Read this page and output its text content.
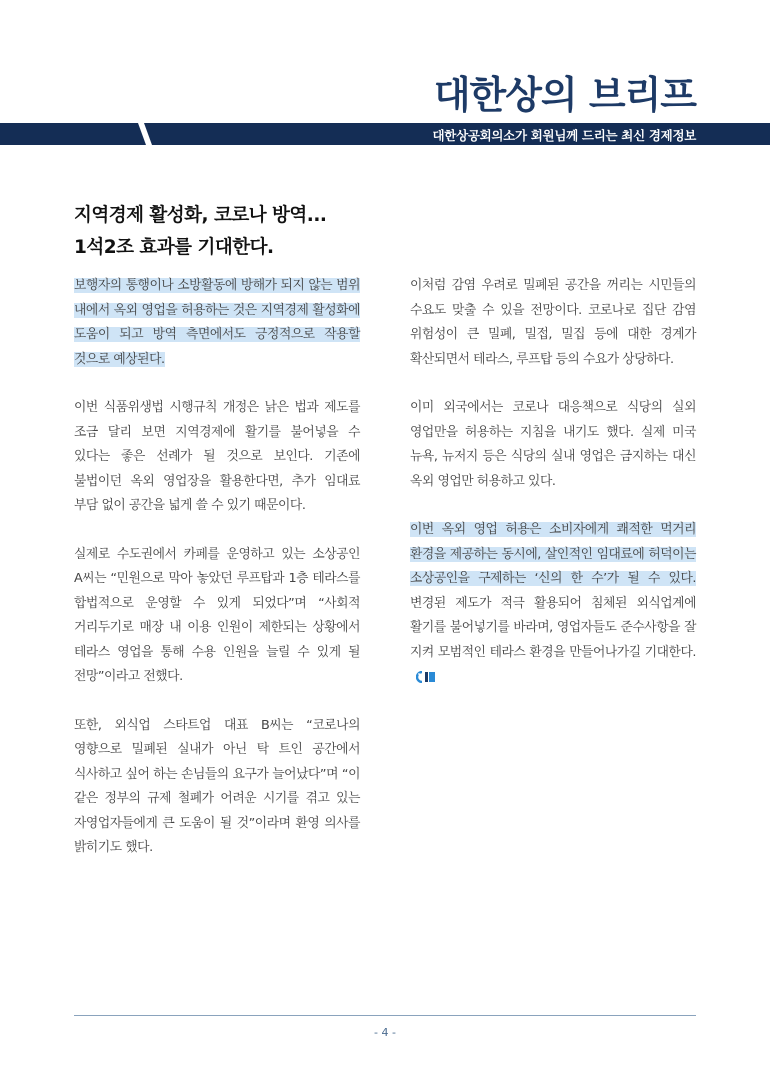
대한상의 브리프
대한상공회의소가 회원님께 드리는 최신 경제정보
지역경제 활성화, 코로나 방역...
1석2조 효과를 기대한다.

보행자의 통행이나 소방활동에 방해가 되지 않는 범위 내에서 옥외 영업을 허용하는 것은 지역경제 활성화에 도움이 되고 방역 측면에서도 긍정적으로 작용할 것으로 예상된다.

이번 식품위생법 시행규칙 개정은 낡은 법과 제도를 조금 달리 보면 지역경제에 활기를 불어넣을 수 있다는 좋은 선례가 될 것으로 보인다. 기존에 불법이던 옥외 영업장을 활용한다면, 추가 임대료 부담 없이 공간을 넓게 쓸 수 있기 때문이다.

실제로 수도권에서 카페를 운영하고 있는 소상공인 A씨는 “민원으로 막아 놓았던 루프탑과 1층 테라스를 합법적으로 운영할 수 있게 되었다”며 “사회적 거리두기로 매장 내 이용 인원이 제한되는 상황에서 테라스 영업을 통해 수용 인원을 늘릴 수 있게 될 전망”이라고 전했다.

또한, 외식업 스타트업 대표 B씨는 “코로나의 영향으로 밀폐된 실내가 아닌 탁 트인 공간에서 식사하고 싶어 하는 손님들의 요구가 늘어났다”며 “이 같은 정부의 규제 철폐가 어려운 시기를 겪고 있는 자영업자들에게 큰 도움이 될 것”이라며 환영 의사를 밝히기도 했다.

이처럼 감염 우려로 밀폐된 공간을 꺼리는 시민들의 수요도 맞출 수 있을 전망이다. 코로나로 집단 감염 위험성이 큰 밀폐, 밀접, 밀집 등에 대한 경계가 확산되면서 테라스, 루프탑 등의 수요가 상당하다.

이미 외국에서는 코로나 대응책으로 식당의 실외 영업만을 허용하는 지침을 내기도 했다. 실제 미국 뉴욕, 뉴저지 등은 식당의 실내 영업은 금지하는 대신 옥외 영업만 허용하고 있다.

이번 옥외 영업 허용은 소비자에게 쾌적한 먹거리 환경을 제공하는 동시에, 살인적인 임대료에 허덕이는 소상공인을 구제하는 ‘신의 한 수’가 될 수 있다. 변경된 제도가 적극 활용되어 침체된 외식업계에 활기를 불어넣기를 바라며, 영업자들도 준수사항을 잘 지켜 모범적인 테라스 환경을 만들어나가길 기대한다.

- 4 -
